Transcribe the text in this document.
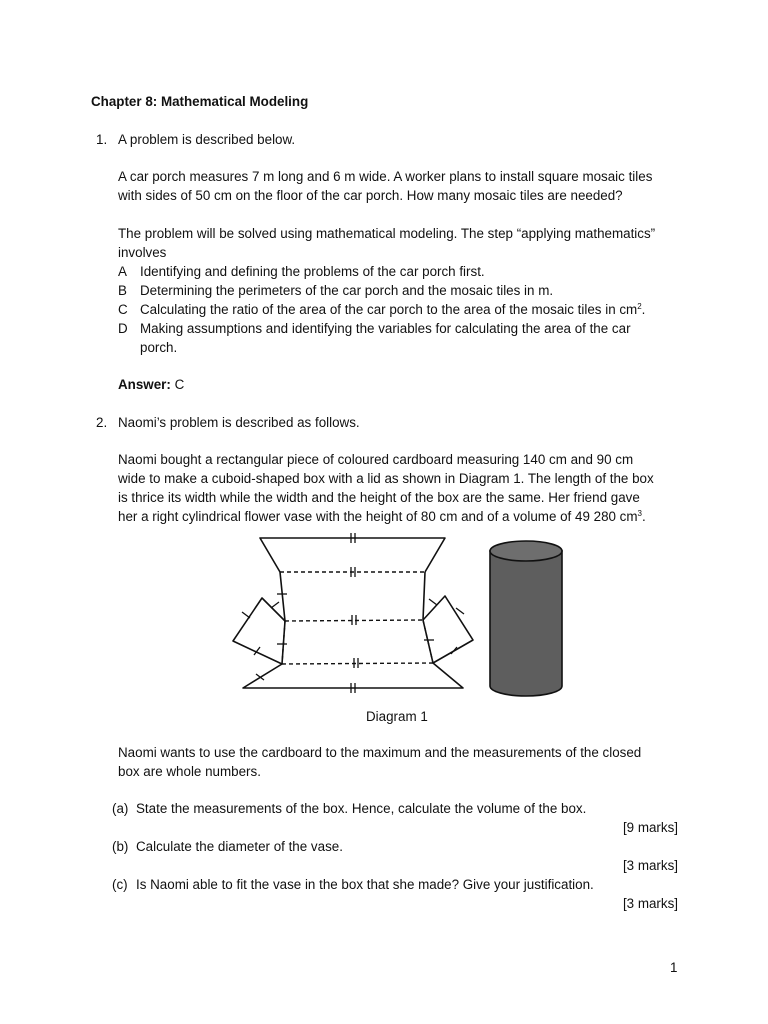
Chapter 8: Mathematical Modeling
1. A problem is described below.
A car porch measures 7 m long and 6 m wide. A worker plans to install square mosaic tiles
with sides of 50 cm on the floor of the car porch. How many mosaic tiles are needed?
The problem will be solved using mathematical modeling. The step “applying mathematics”
involves
A Identifying and defining the problems of the car porch first.
B Determining the perimeters of the car porch and the mosaic tiles in m.
C Calculating the ratio of the area of the car porch to the area of the mosaic tiles in $cm^2$.
D Making assumptions and identifying the variables for calculating the area of the car
porch.
Answer: C
2. Naomi’s problem is described as follows.
Naomi bought a rectangular piece of coloured cardboard measuring 140 cm and 90 cm
wide to make a cuboid-shaped box with a lid as shown in Diagram 1. The length of the box
is thrice its width while the width and the height of the box are the same. Her friend gave
her a right cylindrical flower vase with the height of 80 cm and of a volume of 49 280 $cm^3$.
Diagram 1
Naomi wants to use the cardboard to the maximum and the measurements of the closed
box are whole numbers.
(a) State the measurements of the box. Hence, calculate the volume of the box.
[9 marks]
(b) Calculate the diameter of the vase.
[3 marks]
(c) Is Naomi able to fit the vase in the box that she made? Give your justification.
[3 marks]
1
